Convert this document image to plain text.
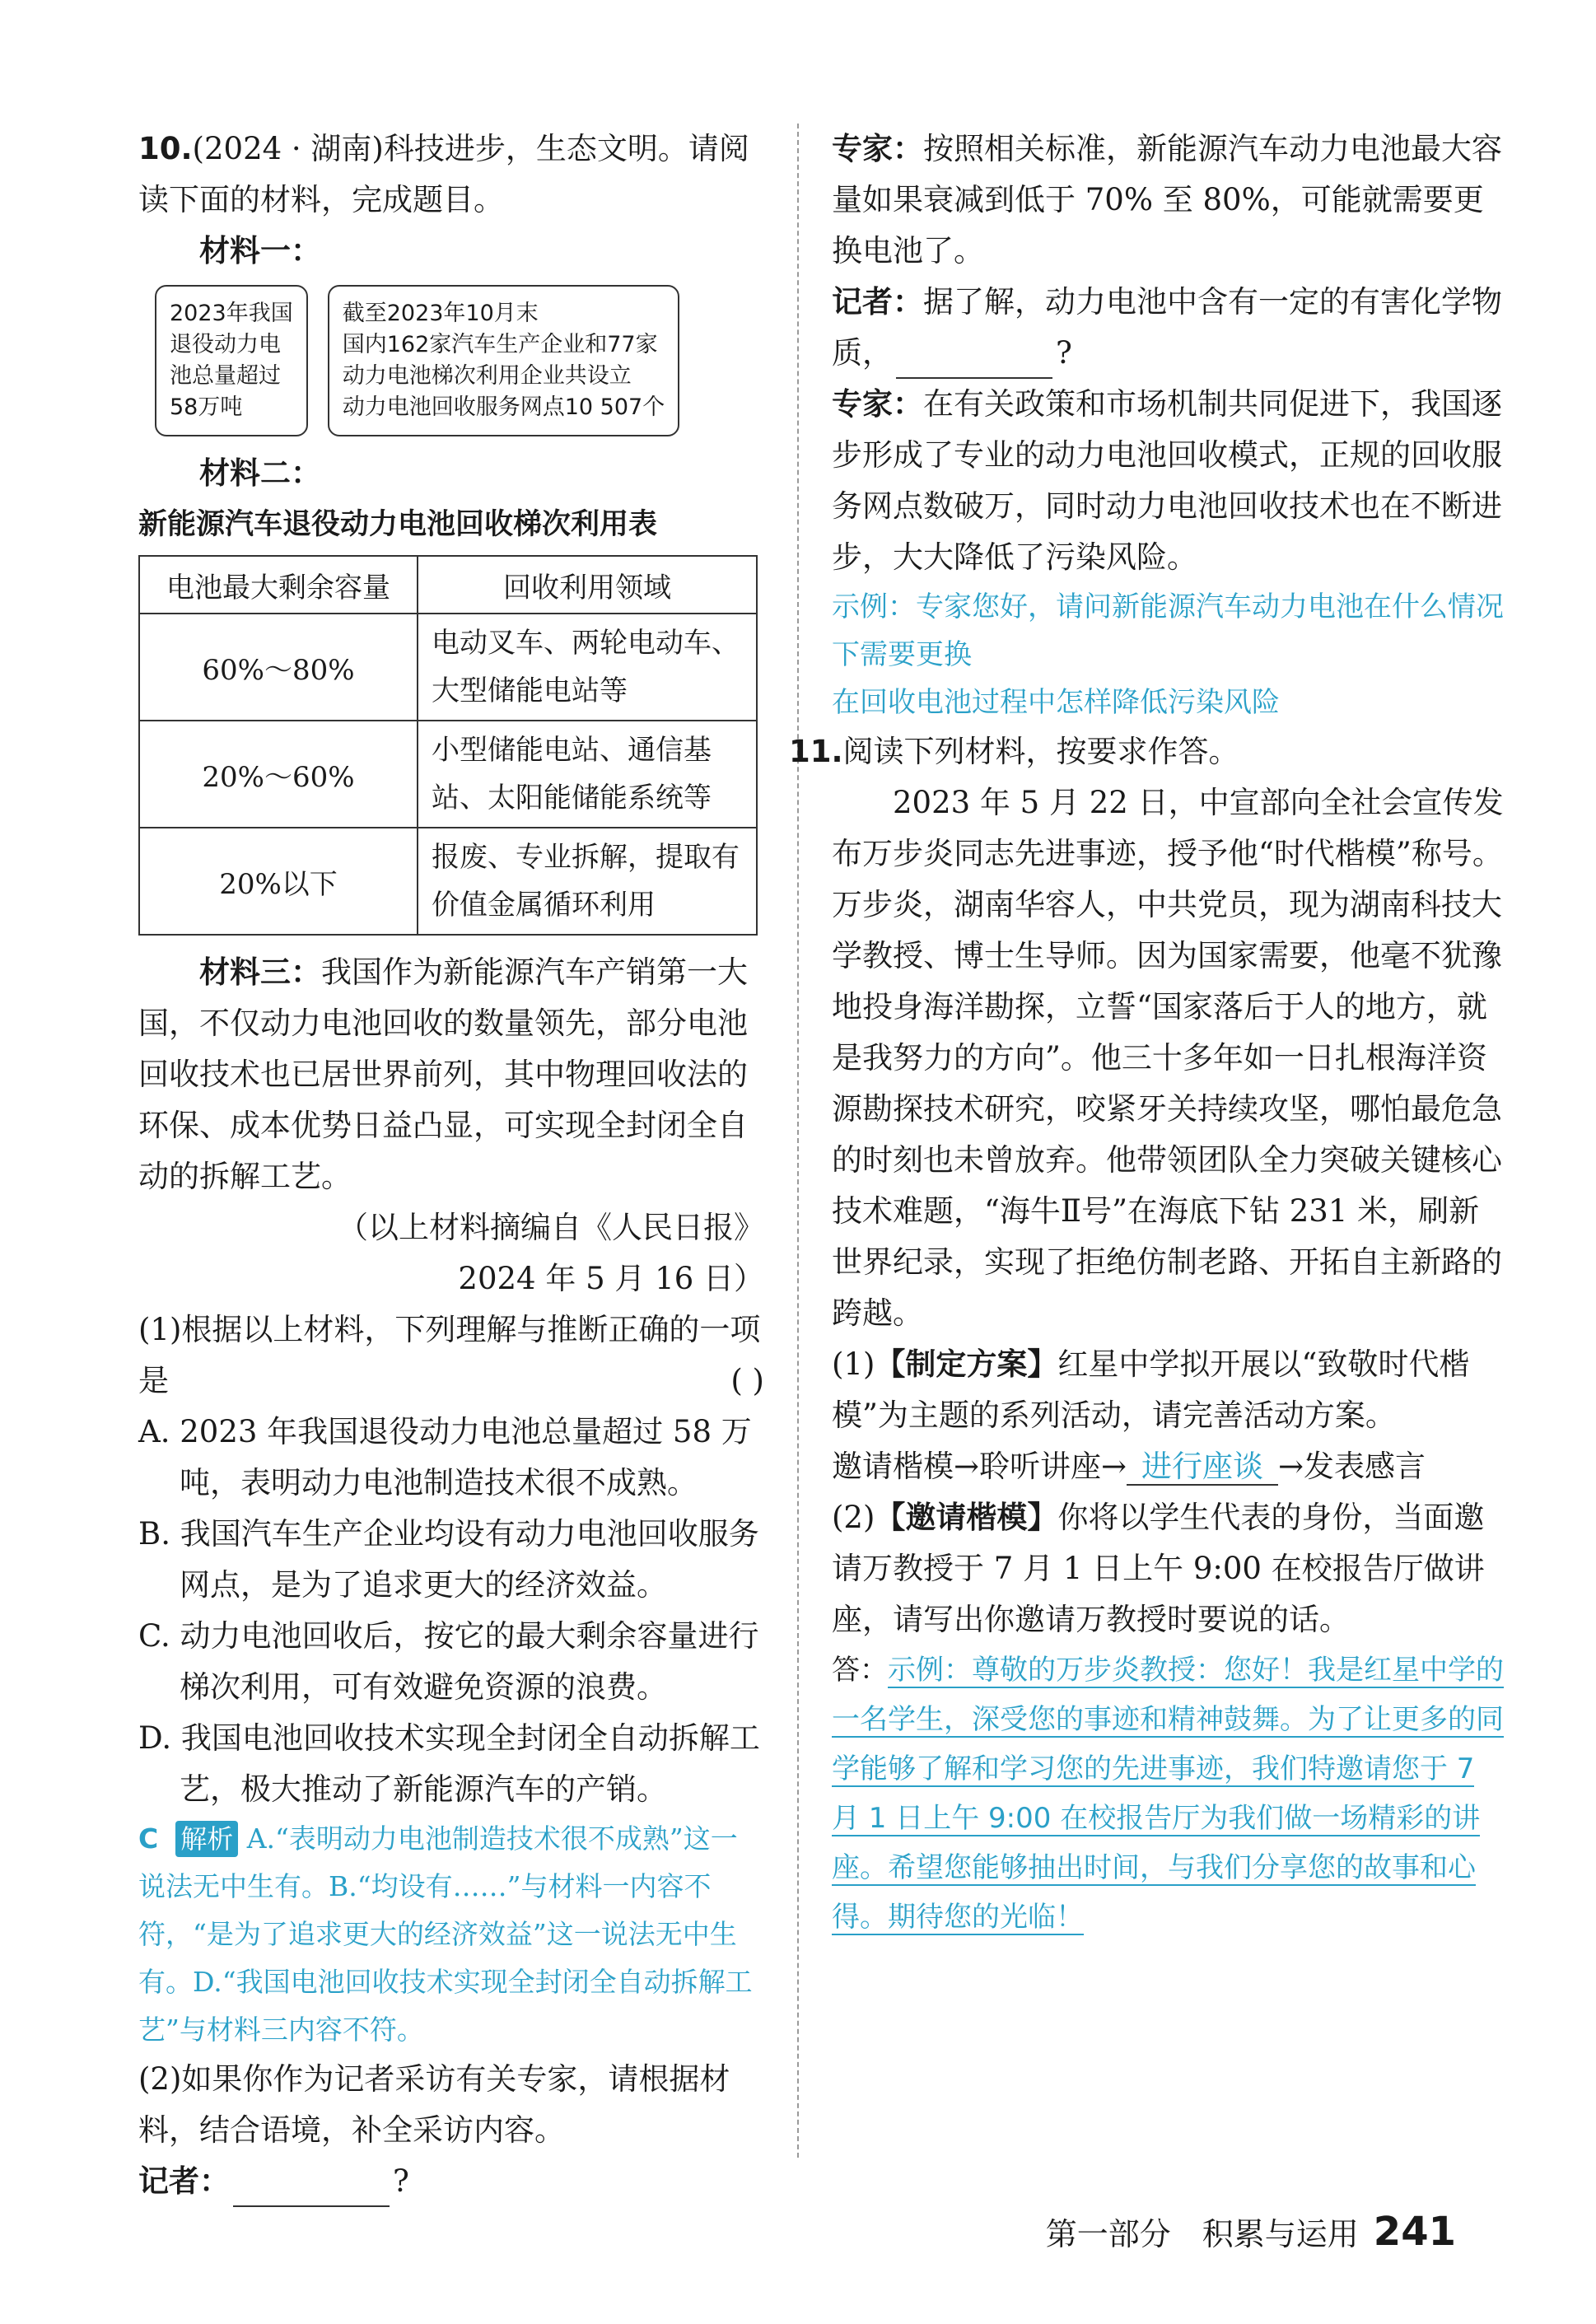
10.(2024 · 湖南)科技进步，生态文明。请阅读下面的材料，完成题目。

材料一：

2023年我国
退役动力电
池总量超过
58万吨
截至2023年10月末
国内162家汽车生产企业和77家
动力电池梯次利用企业共设立
动力电池回收服务网点10 507个

材料二：

新能源汽车退役动力电池回收梯次利用表

电池最大剩余容量	回收利用领域
60%～80%	电动叉车、两轮电动车、大型储能电站等
20%～60%	小型储能电站、通信基站、太阳能储能系统等
20%以下	报废、专业拆解，提取有价值金属循环利用

材料三：我国作为新能源汽车产销第一大国，不仅动力电池回收的数量领先，部分电池回收技术也已居世界前列，其中物理回收法的环保、成本优势日益凸显，可实现全封闭全自动的拆解工艺。

（以上材料摘编自《人民日报》

2024 年 5 月 16 日）

(1)根据以上材料，下列理解与推断正确的一项是	( )

A. 2023 年我国退役动力电池总量超过 58 万吨，表明动力电池制造技术很不成熟。

B. 我国汽车生产企业均设有动力电池回收服务网点，是为了追求更大的经济效益。

C. 动力电池回收后，按它的最大剩余容量进行梯次利用，可有效避免资源的浪费。

D. 我国电池回收技术实现全封闭全自动拆解工艺，极大推动了新能源汽车的产销。

C 解析 A.“表明动力电池制造技术很不成熟”这一说法无中生有。B.“均设有……”与材料一内容不符，“是为了追求更大的经济效益”这一说法无中生有。D.“我国电池回收技术实现全封闭全自动拆解工艺”与材料三内容不符。

(2)如果你作为记者采访有关专家，请根据材料，结合语境，补全采访内容。

记者：	?

专家：按照相关标准，新能源汽车动力电池最大容量如果衰减到低于 70% 至 80%，可能就需要更换电池了。

记者：据了解，动力电池中含有一定的有害化学物质，	?

专家：在有关政策和市场机制共同促进下，我国逐步形成了专业的动力电池回收模式，正规的回收服务网点数破万，同时动力电池回收技术也在不断进步，大大降低了污染风险。

示例：专家您好，请问新能源汽车动力电池在什么情况下需要更换

在回收电池过程中怎样降低污染风险

11.阅读下列材料，按要求作答。

2023 年 5 月 22 日，中宣部向全社会宣传发布万步炎同志先进事迹，授予他“时代楷模”称号。万步炎，湖南华容人，中共党员，现为湖南科技大学教授、博士生导师。因为国家需要，他毫不犹豫地投身海洋勘探，立誓“国家落后于人的地方，就是我努力的方向”。他三十多年如一日扎根海洋资源勘探技术研究，咬紧牙关持续攻坚，哪怕最危急的时刻也未曾放弃。他带领团队全力突破关键核心技术难题，“海牛Ⅱ号”在海底下钻 231 米，刷新世界纪录，实现了拒绝仿制老路、开拓自主新路的跨越。

(1)【制定方案】红星中学拟开展以“致敬时代楷模”为主题的系列活动，请完善活动方案。

邀请楷模→聆听讲座→ 进行座谈 →发表感言

(2)【邀请楷模】你将以学生代表的身份，当面邀请万教授于 7 月 1 日上午 9:00 在校报告厅做讲座，请写出你邀请万教授时要说的话。

答：示例：尊敬的万步炎教授：您好！我是红星中学的一名学生，深受您的事迹和精神鼓舞。为了让更多的同学能够了解和学习您的先进事迹，我们特邀请您于 7 月 1 日上午 9:00 在校报告厅为我们做一场精彩的讲座。希望您能够抽出时间，与我们分享您的故事和心得。期待您的光临！

第一部分　积累与运用 241
